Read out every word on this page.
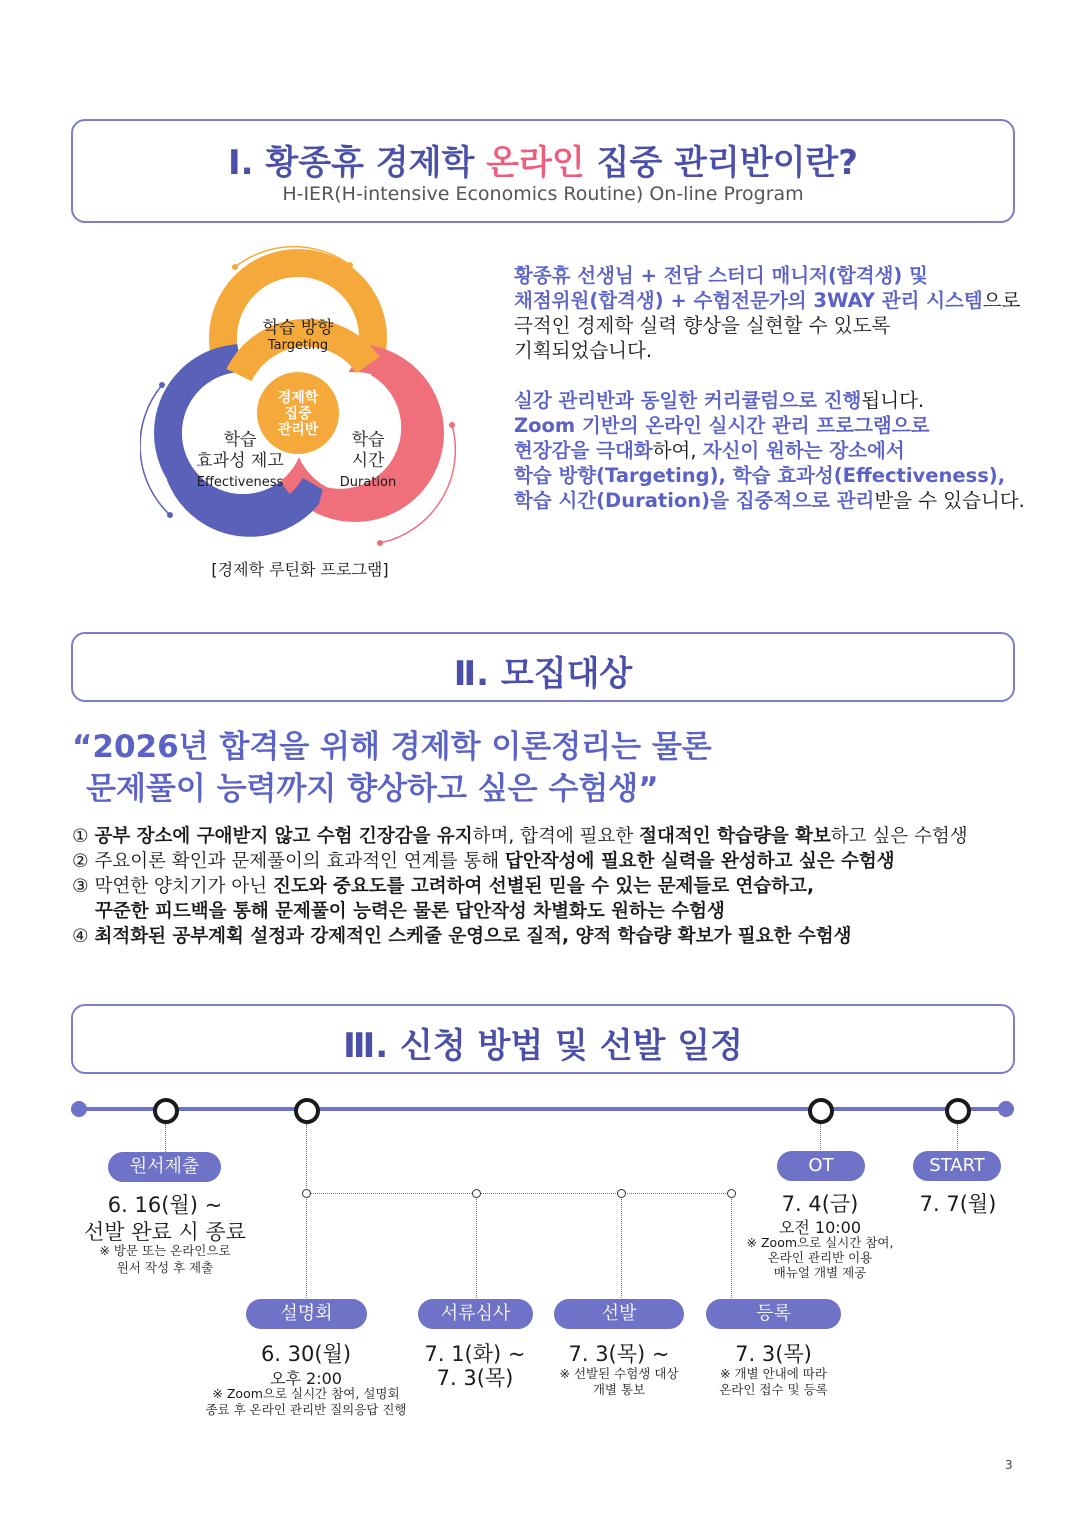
Ⅰ. 황종휴 경제학 온라인 집중 관리반이란?
H-IER(H-intensive Economics Routine) On-line Program
경제학
집중
관리반
학습 방향
Targeting
학습
효과성 제고
Effectiveness
학습
시간
Duration
[경제학 루틴화 프로그램]
황종휴 선생님 + 전담 스터디 매니저(합격생) 및
채점위원(합격생) + 수험전문가의 3WAY 관리 시스템으로
극적인 경제학 실력 향상을 실현할 수 있도록
기획되었습니다.
실강 관리반과 동일한 커리큘럼으로 진행됩니다.
Zoom 기반의 온라인 실시간 관리 프로그램으로
현장감을 극대화하여, 자신이 원하는 장소에서
학습 방향(Targeting), 학습 효과성(Effectiveness),
학습 시간(Duration)을 집중적으로 관리받을 수 있습니다.
Ⅱ. 모집대상
“2026년 합격을 위해 경제학 이론정리는 물론
문제풀이 능력까지 향상하고 싶은 수험생”
① 공부 장소에 구애받지 않고 수험 긴장감을 유지하며, 합격에 필요한 절대적인 학습량을 확보하고 싶은 수험생
② 주요이론 확인과 문제풀이의 효과적인 연계를 통해 답안작성에 필요한 실력을 완성하고 싶은 수험생
③ 막연한 양치기가 아닌 진도와 중요도를 고려하여 선별된 믿을 수 있는 문제들로 연습하고,
꾸준한 피드백을 통해 문제풀이 능력은 물론 답안작성 차별화도 원하는 수험생
④ 최적화된 공부계획 설정과 강제적인 스케줄 운영으로 질적, 양적 학습량 확보가 필요한 수험생
Ⅲ. 신청 방법 및 선발 일정
원서제출
6. 16(월) ~
선발 완료 시 종료
※ 방문 또는 온라인으로
원서 작성 후 제출
OT
7. 4(금)
오전 10:00
※ Zoom으로 실시간 참여,
온라인 관리반 이용
매뉴얼 개별 제공
START
7. 7(월)
설명회
6. 30(월)
오후 2:00
※ Zoom으로 실시간 참여, 설명회
종료 후 온라인 관리반 질의응답 진행
서류심사
7. 1(화) ~
7. 3(목)
선발
7. 3(목) ~
※ 선발된 수험생 대상
개별 통보
등록
7. 3(목)
※ 개별 안내에 따라
온라인 접수 및 등록
3
